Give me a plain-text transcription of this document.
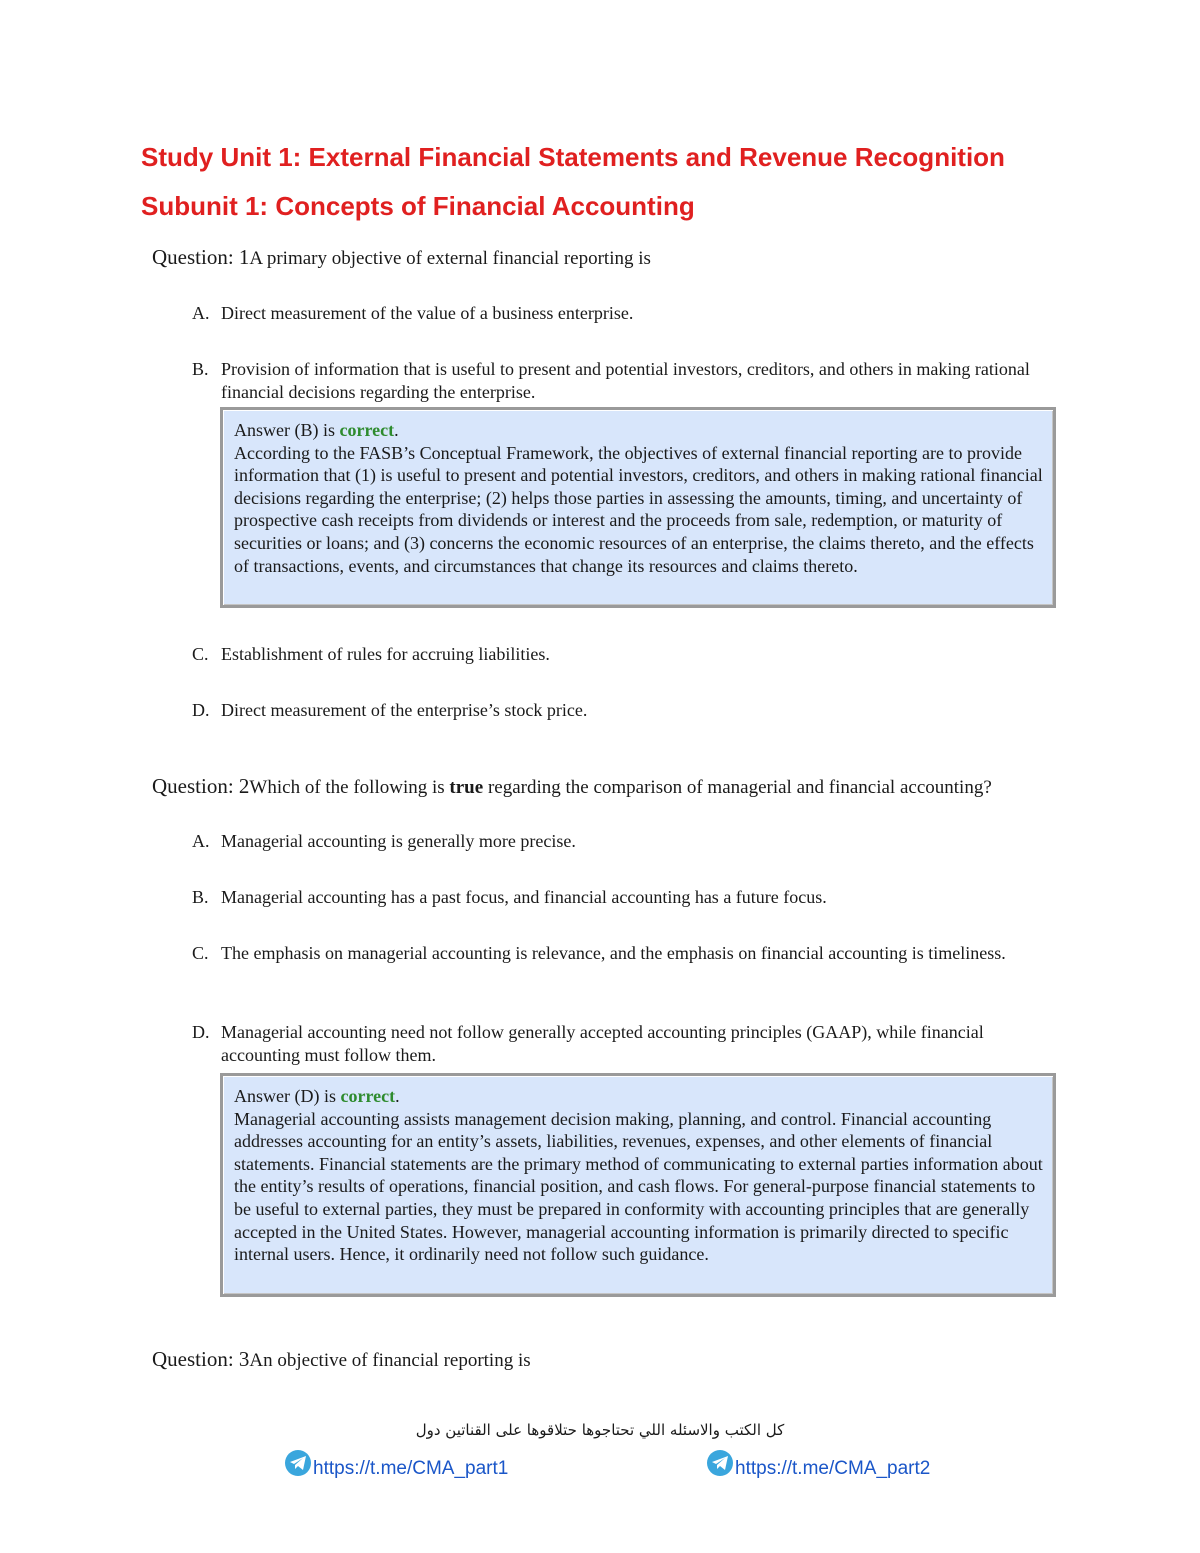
Study Unit 1: External Financial Statements and Revenue Recognition
Subunit 1: Concepts of Financial Accounting
Question: 1A primary objective of external financial reporting is
A. Direct measurement of the value of a business enterprise.
B. Provision of information that is useful to present and potential investors, creditors, and others in making rational financial decisions regarding the enterprise.
Answer (B) is correct.
According to the FASB’s Conceptual Framework, the objectives of external financial reporting are to provide information that (1) is useful to present and potential investors, creditors, and others in making rational financial decisions regarding the enterprise; (2) helps those parties in assessing the amounts, timing, and uncertainty of prospective cash receipts from dividends or interest and the proceeds from sale, redemption, or maturity of securities or loans; and (3) concerns the economic resources of an enterprise, the claims thereto, and the effects of transactions, events, and circumstances that change its resources and claims thereto.
C. Establishment of rules for accruing liabilities.
D. Direct measurement of the enterprise’s stock price.
Question: 2Which of the following is true regarding the comparison of managerial and financial accounting?
A. Managerial accounting is generally more precise.
B. Managerial accounting has a past focus, and financial accounting has a future focus.
C. The emphasis on managerial accounting is relevance, and the emphasis on financial accounting is timeliness.
D. Managerial accounting need not follow generally accepted accounting principles (GAAP), while financial accounting must follow them.
Answer (D) is correct.
Managerial accounting assists management decision making, planning, and control. Financial accounting addresses accounting for an entity’s assets, liabilities, revenues, expenses, and other elements of financial statements. Financial statements are the primary method of communicating to external parties information about the entity’s results of operations, financial position, and cash flows. For general-purpose financial statements to be useful to external parties, they must be prepared in conformity with accounting principles that are generally accepted in the United States. However, managerial accounting information is primarily directed to specific internal users. Hence, it ordinarily need not follow such guidance.
Question: 3An objective of financial reporting is
كل الكتب والاسئله اللي تحتاجوها حتلاقوها على القناتين دول
https://t.me/CMA_part1	https://t.me/CMA_part2
